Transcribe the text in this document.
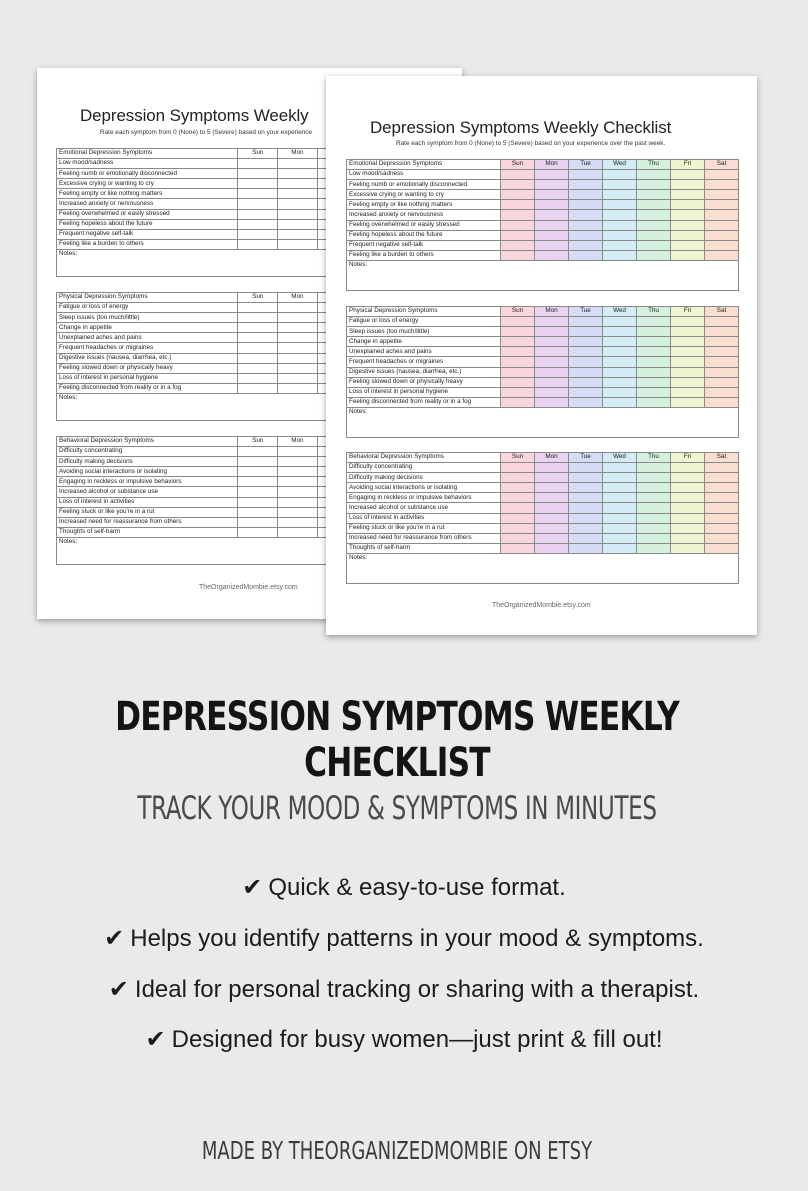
Depression Symptoms Weekly
Rate each symptom from 0 (None) to 5 (Severe) based on your experience
Emotional Depression Symptoms	Sun	Mon					
Low mood/sadness							
Feeling numb or emotionally disconnected							
Excessive crying or wanting to cry							
Feeling empty or like nothing matters							
Increased anxiety or nervousness							
Feeling overwhelmed or easily stressed							
Feeling hopeless about the future							
Frequent negative self-talk							
Feeling like a burden to others							
Notes:							
Physical Depression Symptoms	Sun	Mon					
Fatigue or loss of energy							
Sleep issues (too much/little)							
Change in appetite							
Unexplained aches and pains							
Frequent headaches or migraines							
Digestive issues (nausea, diarrhea, etc.)							
Feeling slowed down or physically heavy							
Loss of interest in personal hygiene							
Feeling disconnected from reality or in a fog							
Notes:							
Behavioral Depression Symptoms	Sun	Mon					
Difficulty concentrating							
Difficulty making decisions							
Avoiding social interactions or isolating							
Engaging in reckless or impulsive behaviors							
Increased alcohol or substance use							
Loss of interest in activities							
Feeling stuck or like you're in a rut							
Increased need for reassurance from others							
Thoughts of self-harm							
Notes:							
TheOrganizedMombie.etsy.com
Depression Symptoms Weekly Checklist
Rate each symptom from 0 (None) to 5 (Severe) based on your experience over the past week.
Emotional Depression Symptoms	Sun	Mon	Tue	Wed	Thu	Fri	Sat
Low mood/sadness							
Feeling numb or emotionally disconnected							
Excessive crying or wanting to cry							
Feeling empty or like nothing matters							
Increased anxiety or nervousness							
Feeling overwhelmed or easily stressed							
Feeling hopeless about the future							
Frequent negative self-talk							
Feeling like a burden to others							
Notes:							
Physical Depression Symptoms	Sun	Mon	Tue	Wed	Thu	Fri	Sat
Fatigue or loss of energy							
Sleep issues (too much/little)							
Change in appetite							
Unexplained aches and pains							
Frequent headaches or migraines							
Digestive issues (nausea, diarrhea, etc.)							
Feeling slowed down or physically heavy							
Loss of interest in personal hygiene							
Feeling disconnected from reality or in a fog							
Notes:							
Behavioral Depression Symptoms	Sun	Mon	Tue	Wed	Thu	Fri	Sat
Difficulty concentrating							
Difficulty making decisions							
Avoiding social interactions or isolating							
Engaging in reckless or impulsive behaviors							
Increased alcohol or substance use							
Loss of interest in activities							
Feeling stuck or like you're in a rut							
Increased need for reassurance from others							
Thoughts of self-harm							
Notes:							
TheOrganizedMombie.etsy.com
DEPRESSION SYMPTOMS WEEKLY CHECKLIST
TRACK YOUR MOOD & SYMPTOMS IN MINUTES
✔ Quick & easy-to-use format.
✔ Helps you identify patterns in your mood & symptoms.
✔ Ideal for personal tracking or sharing with a therapist.
✔ Designed for busy women—just print & fill out!
MADE BY THEORGANIZEDMOMBIE ON ETSY
